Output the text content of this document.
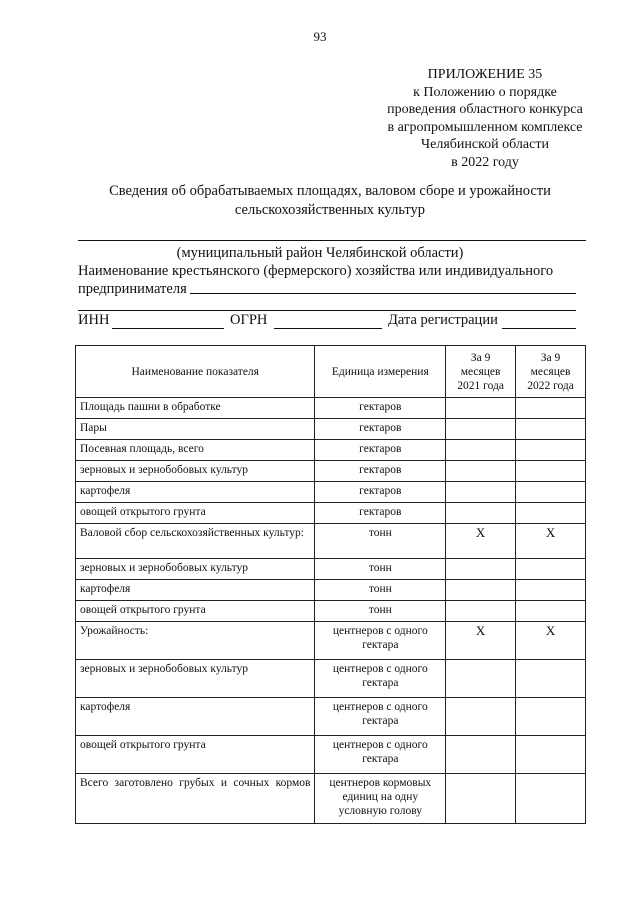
93
ПРИЛОЖЕНИЕ 35
к Положению о порядке
проведения областного конкурса
в агропромышленном комплексе
Челябинской области
в 2022 году
Сведения об обрабатываемых площадях, валовом сборе и урожайности
сельскохозяйственных культур
(муниципальный район Челябинской области)
Наименование крестьянского (фермерского) хозяйства или индивидуального
предпринимателя
ИНН	ОГРН	Дата регистрации
Наименование показателя	Единица измерения	За 9 месяцев 2021 года	За 9 месяцев 2022 года
Площадь пашни в обработке	гектаров		
Пары	гектаров		
Посевная площадь, всего	гектаров		
зерновых и зернобобовых культур	гектаров		
картофеля	гектаров		
овощей открытого грунта	гектаров		
Валовой сбор сельскохозяйственных культур:	тонн	X	X
зерновых и зернобобовых культур	тонн		
картофеля	тонн		
овощей открытого грунта	тонн		
Урожайность:	центнеров с одного гектара	X	X
зерновых и зернобобовых культур	центнеров с одного гектара		
картофеля	центнеров с одного гектара		
овощей открытого грунта	центнеров с одного гектара		
Всего заготовлено грубых и сочных кормов	центнеров кормовых единиц на одну условную голову		
